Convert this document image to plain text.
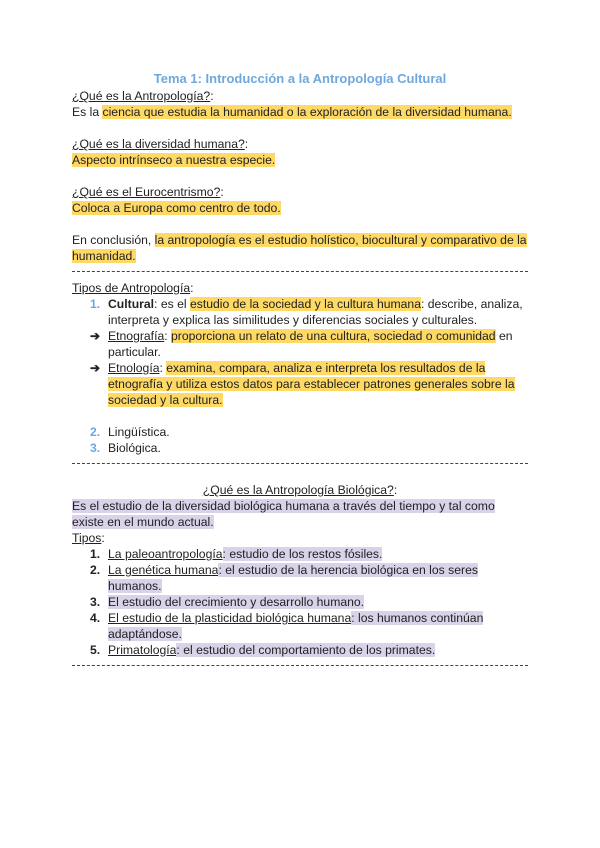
Tema 1: Introducción a la Antropología Cultural
¿Qué es la Antropología?:
Es la ciencia que estudia la humanidad o la exploración de la diversidad humana.
¿Qué es la diversidad humana?:
Aspecto intrínseco a nuestra especie.
¿Qué es el Eurocentrismo?:
Coloca a Europa como centro de todo.
En conclusión, la antropología es el estudio holístico, biocultural y comparativo de la humanidad.
Tipos de Antropología:
1. Cultural: es el estudio de la sociedad y la cultura humana: describe, analiza, interpreta y explica las similitudes y diferencias sociales y culturales.
➔ Etnografía: proporciona un relato de una cultura, sociedad o comunidad en particular.
➔ Etnología: examina, compara, analiza e interpreta los resultados de la etnografía y utiliza estos datos para establecer patrones generales sobre la sociedad y la cultura.
2. Lingüística.
3. Biológica.
¿Qué es la Antropología Biológica?:
Es el estudio de la diversidad biológica humana a través del tiempo y tal como existe en el mundo actual.
Tipos:
1. La paleoantropología: estudio de los restos fósiles.
2. La genética humana: el estudio de la herencia biológica en los seres humanos.
3. El estudio del crecimiento y desarrollo humano.
4. El estudio de la plasticidad biológica humana: los humanos continúan adaptándose.
5. Primatología: el estudio del comportamiento de los primates.
